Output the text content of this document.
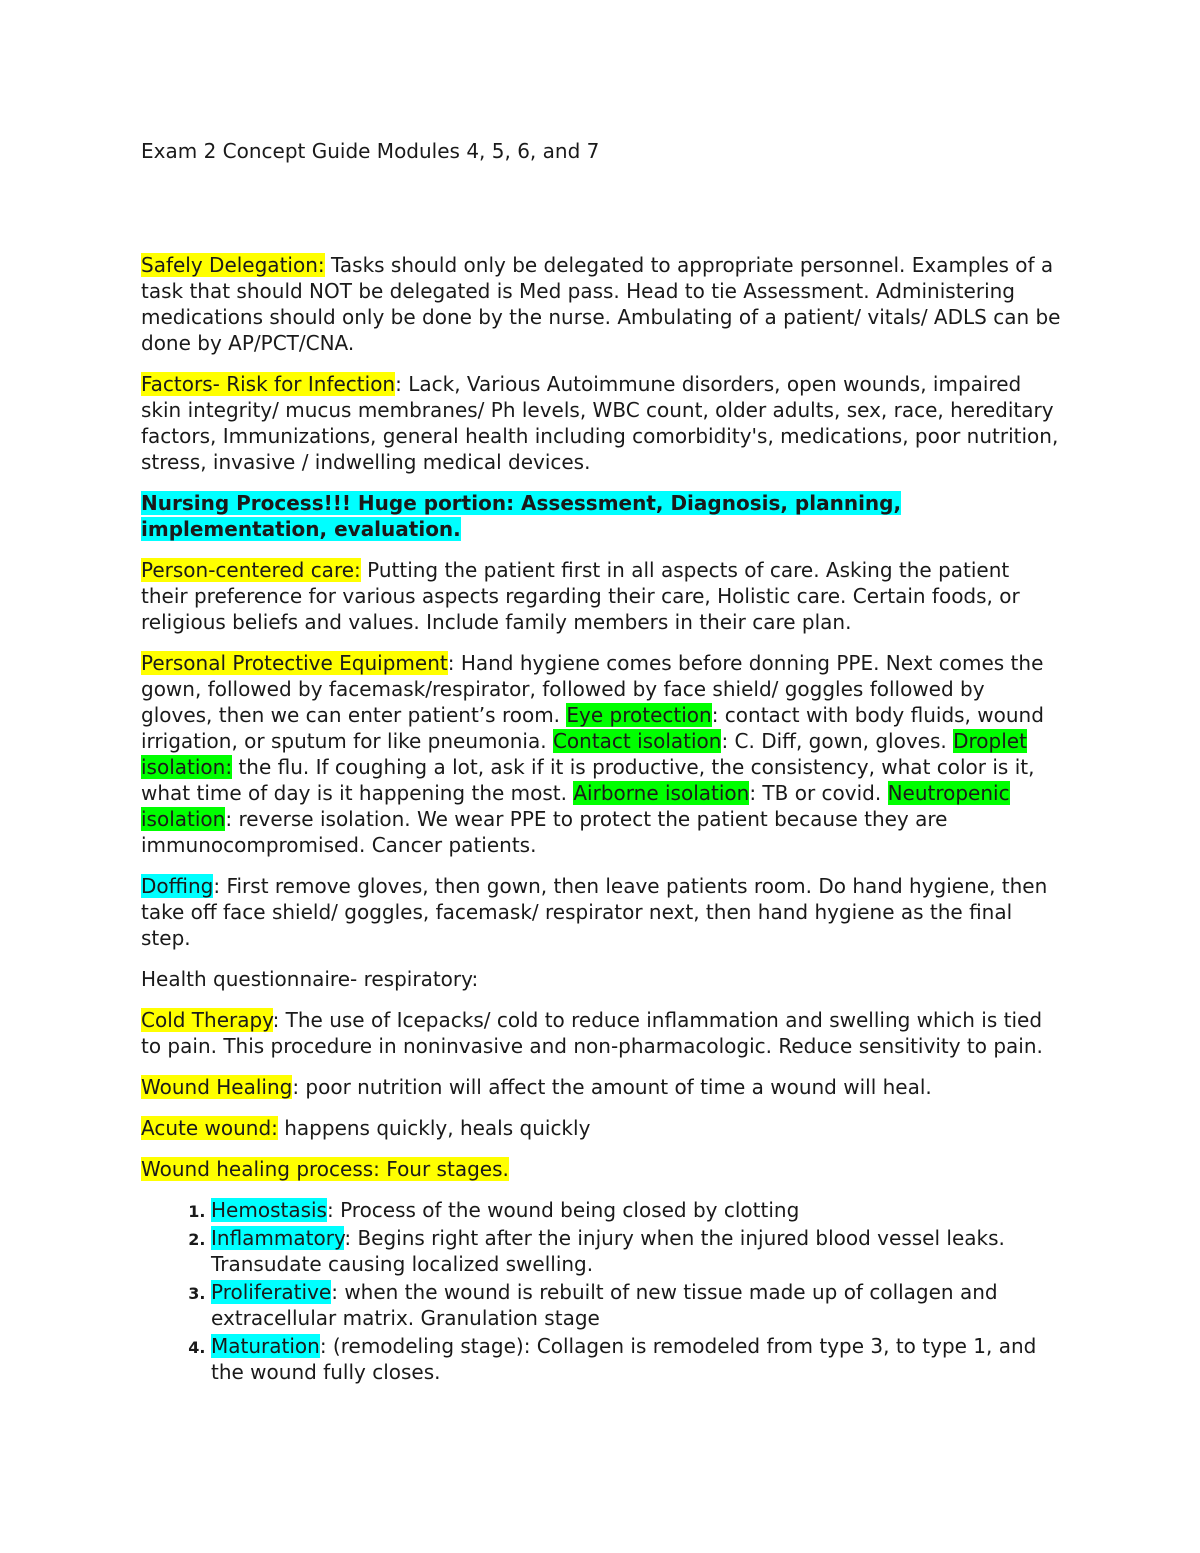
Exam 2 Concept Guide Modules 4, 5, 6, and 7

Safely Delegation: Tasks should only be delegated to appropriate personnel. Examples of a task that should NOT be delegated is Med pass. Head to tie Assessment. Administering medications should only be done by the nurse. Ambulating of a patient/ vitals/ ADLS can be done by AP/PCT/CNA.

Factors- Risk for Infection: Lack, Various Autoimmune disorders, open wounds, impaired skin integrity/ mucus membranes/ Ph levels, WBC count, older adults, sex, race, hereditary factors, Immunizations, general health including comorbidity's, medications, poor nutrition, stress, invasive / indwelling medical devices.

Nursing Process!!! Huge portion: Assessment, Diagnosis, planning, implementation, evaluation.

Person-centered care: Putting the patient first in all aspects of care. Asking the patient their preference for various aspects regarding their care, Holistic care. Certain foods, or religious beliefs and values. Include family members in their care plan.

Personal Protective Equipment: Hand hygiene comes before donning PPE. Next comes the gown, followed by facemask/respirator, followed by face shield/ goggles followed by gloves, then we can enter patient’s room. Eye protection: contact with body fluids, wound irrigation, or sputum for like pneumonia. Contact isolation: C. Diff, gown, gloves. Droplet isolation: the flu. If coughing a lot, ask if it is productive, the consistency, what color is it, what time of day is it happening the most. Airborne isolation: TB or covid. Neutropenic isolation: reverse isolation. We wear PPE to protect the patient because they are immunocompromised. Cancer patients.

Doffing: First remove gloves, then gown, then leave patients room. Do hand hygiene, then take off face shield/ goggles, facemask/ respirator next, then hand hygiene as the final step.

Health questionnaire- respiratory:

Cold Therapy: The use of Icepacks/ cold to reduce inflammation and swelling which is tied to pain. This procedure in noninvasive and non-pharmacologic. Reduce sensitivity to pain.

Wound Healing: poor nutrition will affect the amount of time a wound will heal.

Acute wound: happens quickly, heals quickly

Wound healing process: Four stages.

1. Hemostasis: Process of the wound being closed by clotting
2. Inflammatory: Begins right after the injury when the injured blood vessel leaks. Transudate causing localized swelling.
3. Proliferative: when the wound is rebuilt of new tissue made up of collagen and extracellular matrix. Granulation stage
4. Maturation: (remodeling stage): Collagen is remodeled from type 3, to type 1, and the wound fully closes.
